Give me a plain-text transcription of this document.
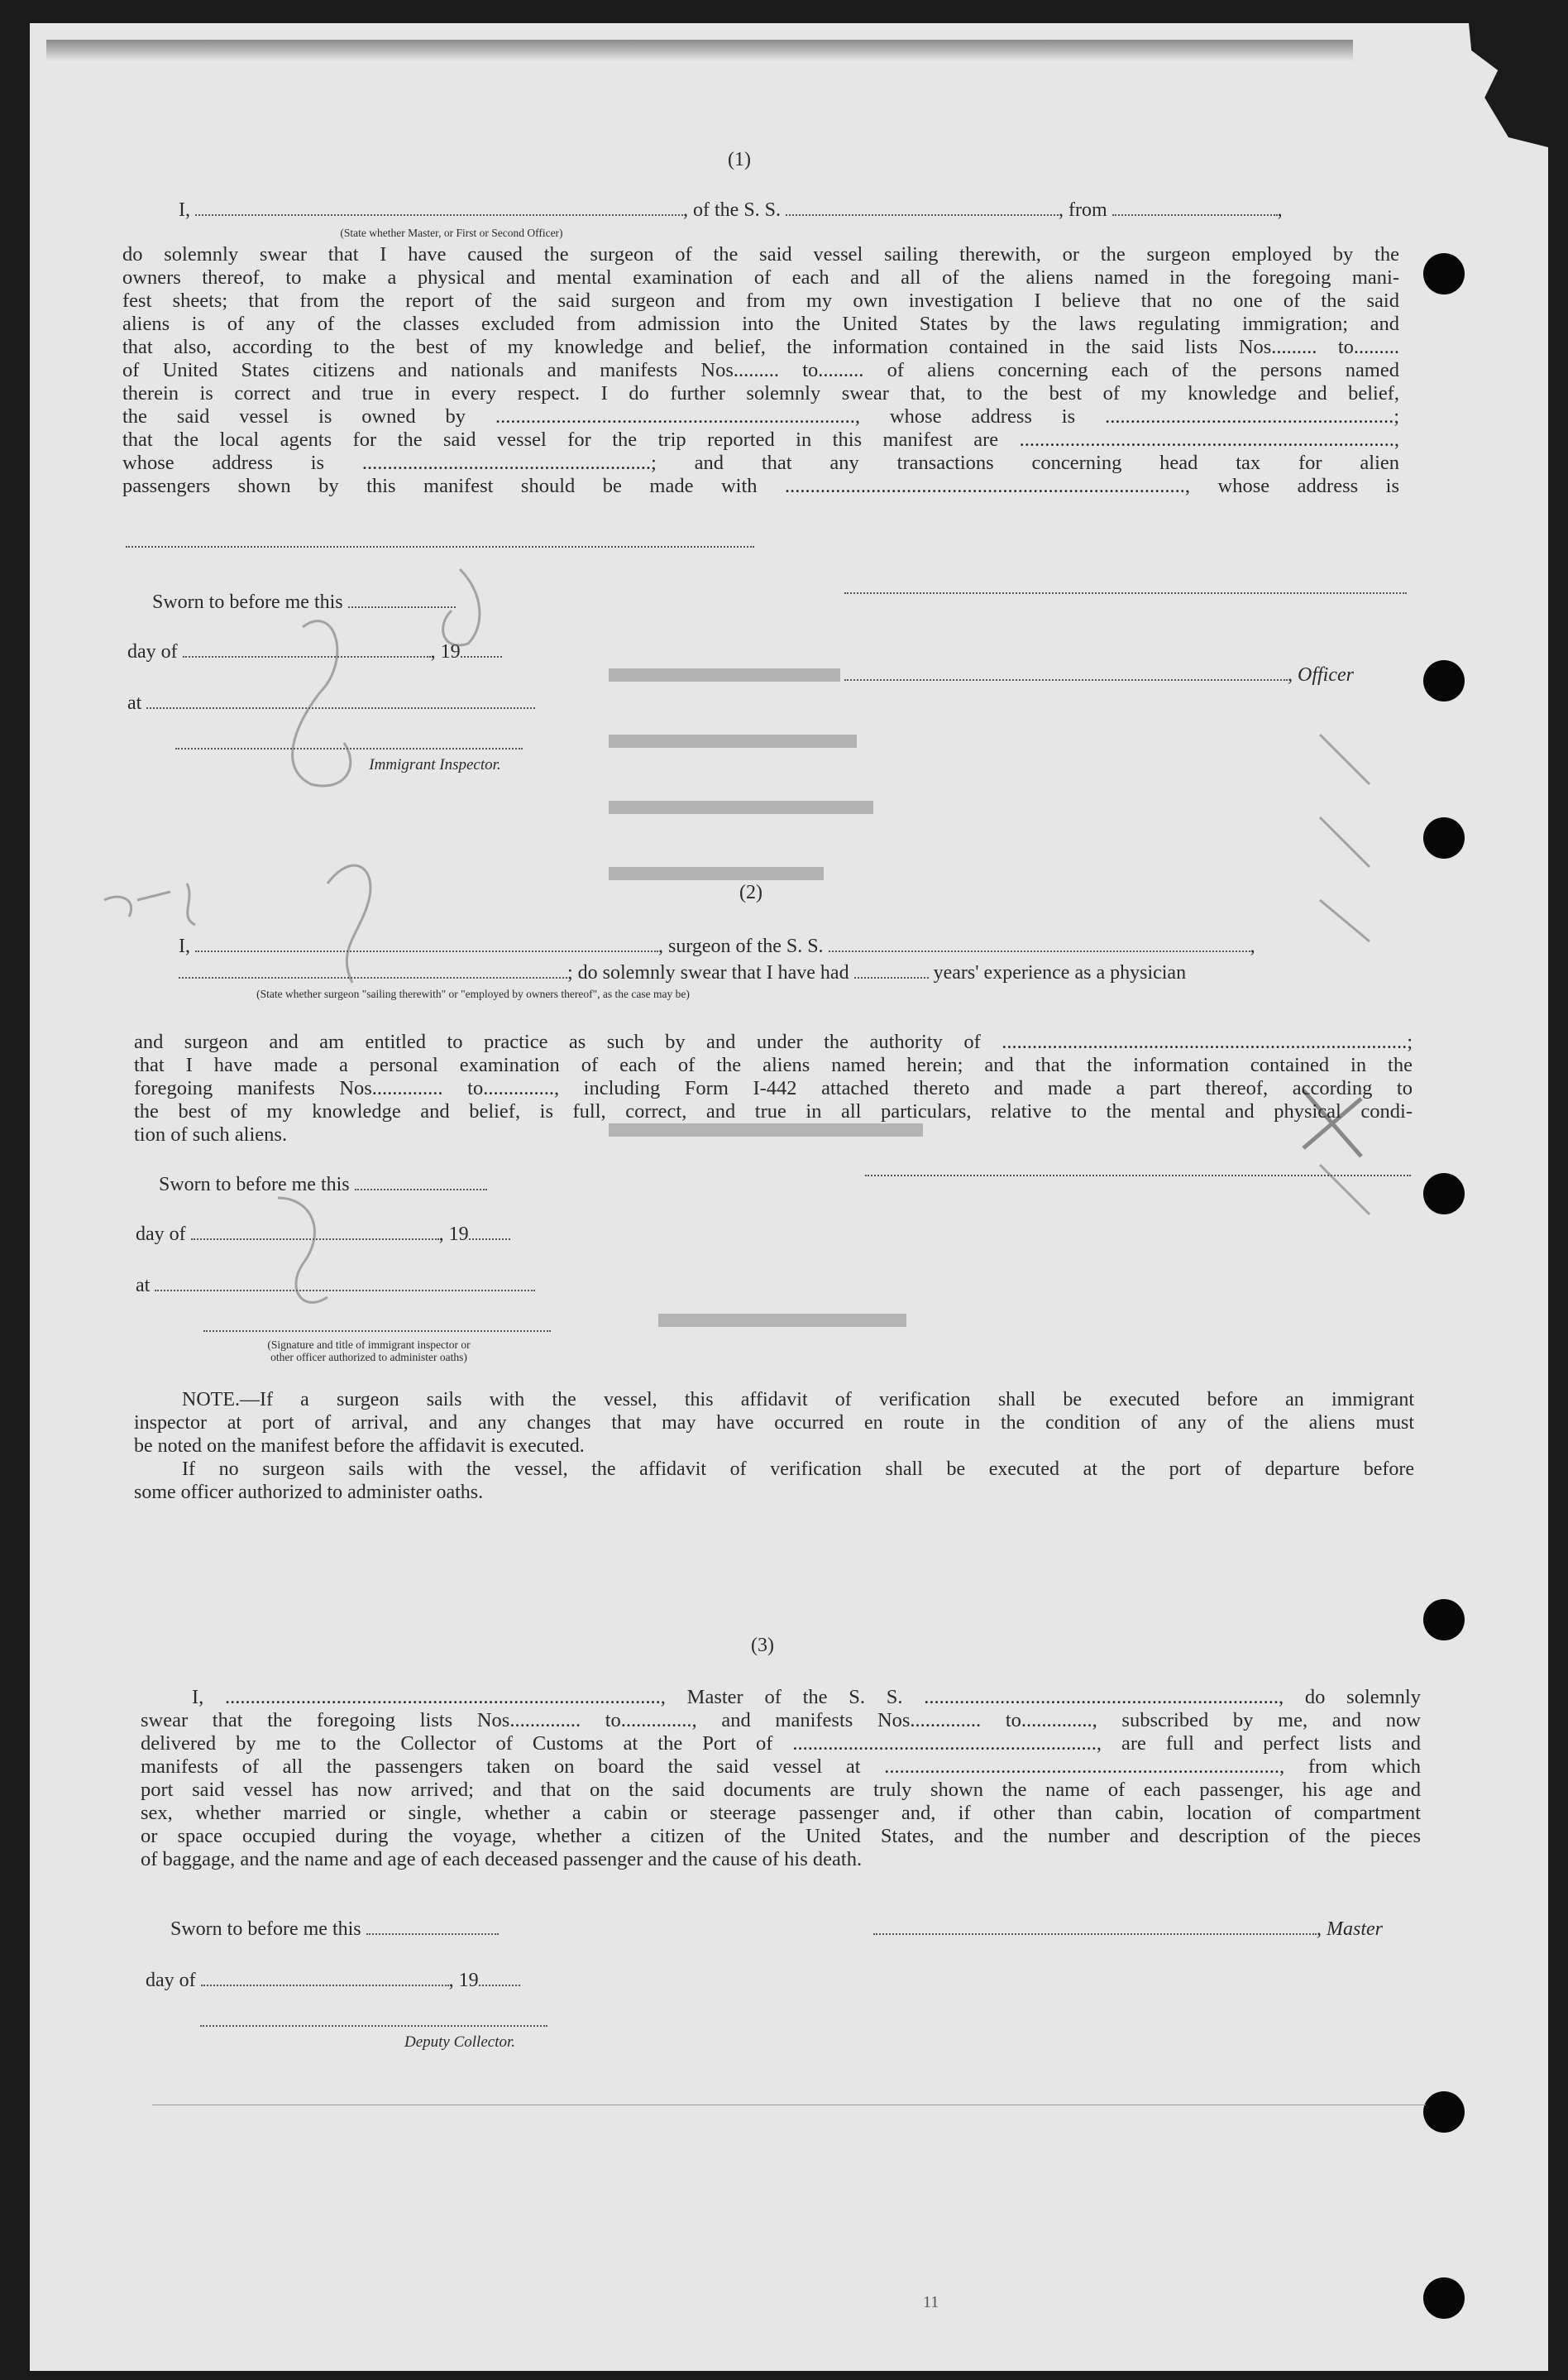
(1)
I,	, of the S. S.	, from	,
(State whether Master, or First or Second Officer)
do solemnly swear that I have caused the surgeon of the said vessel sailing therewith, or the surgeon employed by the
owners thereof, to make a physical and mental examination of each and all of the aliens named in the foregoing mani-
fest sheets; that from the report of the said surgeon and from my own investigation I believe that no one of the said
aliens is of any of the classes excluded from admission into the United States by the laws regulating immigration; and
that also, according to the best of my knowledge and belief, the information contained in the said lists Nos......... to.........
of United States citizens and nationals and manifests Nos......... to......... of aliens concerning each of the persons named
therein is correct and true in every respect. I do further solemnly swear that, to the best of my knowledge and belief,
the said vessel is owned by ......................................................................., whose address is .........................................................;
that the local agents for the said vessel for the trip reported in this manifest are ..........................................................................,
whose address is .........................................................; and that any transactions concerning head tax for alien
passengers shown by this manifest should be made with ..............................................................................., whose address is
Sworn to before me this
day of	, 19
, Officer
at
Immigrant Inspector.
(2)
I,	, surgeon of the S. S.	,
; do solemnly swear that I have had	years' experience as a physician
(State whether surgeon "sailing therewith" or "employed by owners thereof", as the case may be)
and surgeon and am entitled to practice as such by and under the authority of ................................................................................;
that I have made a personal examination of each of the aliens named herein; and that the information contained in the
foregoing manifests Nos.............. to.............., including Form I-442 attached thereto and made a part thereof, according to
the best of my knowledge and belief, is full, correct, and true in all particulars, relative to the mental and physical condi-
tion of such aliens.
Sworn to before me this
day of	, 19
at
(Signature and title of immigrant inspector or
other officer authorized to administer oaths)
NOTE.—If a surgeon sails with the vessel, this affidavit of verification shall be executed before an immigrant
inspector at port of arrival, and any changes that may have occurred en route in the condition of any of the aliens must
be noted on the manifest before the affidavit is executed.
If no surgeon sails with the vessel, the affidavit of verification shall be executed at the port of departure before
some officer authorized to administer oaths.
(3)
I, ......................................................................................, Master of the S. S. ......................................................................, do solemnly
swear that the foregoing lists Nos.............. to.............., and manifests Nos.............. to.............., subscribed by me, and now
delivered by me to the Collector of Customs at the Port of ............................................................, are full and perfect lists and
manifests of all the passengers taken on board the said vessel at .............................................................................., from which
port said vessel has now arrived; and that on the said documents are truly shown the name of each passenger, his age and
sex, whether married or single, whether a cabin or steerage passenger and, if other than cabin, location of compartment
or space occupied during the voyage, whether a citizen of the United States, and the number and description of the pieces
of baggage, and the name and age of each deceased passenger and the cause of his death.
Sworn to before me this	, Master
day of	, 19
Deputy Collector.
11
